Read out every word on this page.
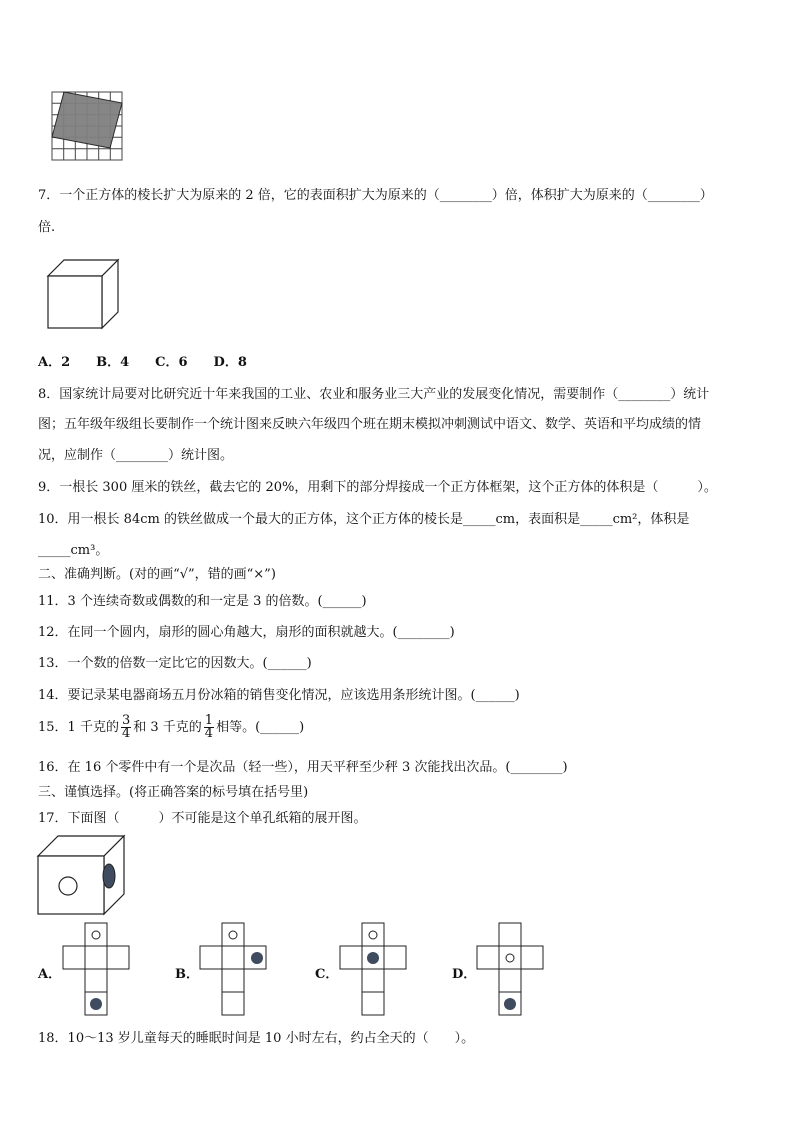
7．一个正方体的棱长扩大为原来的 2 倍，它的表面积扩大为原来的（________）倍，体积扩大为原来的（________）
倍.
A．2　　B．4　　C．6　　D．8
8．国家统计局要对比研究近十年来我国的工业、农业和服务业三大产业的发展变化情况，需要制作（________）统计
图；五年级年级组长要制作一个统计图来反映六年级四个班在期末模拟冲刺测试中语文、数学、英语和平均成绩的情
况，应制作（________）统计图。
9．一根长 300 厘米的铁丝，截去它的 20%，用剩下的部分焊接成一个正方体框架，这个正方体的体积是（　　　）。
10．用一根长 84cm 的铁丝做成一个最大的正方体，这个正方体的棱长是_____cm，表面积是_____cm²，体积是
_____cm³。
二、准确判断。(对的画“√”，错的画“×”)
11．3 个连续奇数或偶数的和一定是 3 的倍数。(______)
12．在同一个圆内，扇形的圆心角越大，扇形的面积就越大。(________)
13．一个数的倍数一定比它的因数大。(______)
14．要记录某电器商场五月份冰箱的销售变化情况，应该选用条形统计图。(______)
15．1 千克的 $\frac{3}{4}$ 和 3 千克的 $\frac{1}{4}$ 相等。(______)
16．在 16 个零件中有一个是次品（轻一些），用天平秤至少秤 3 次能找出次品。(________)
三、谨慎选择。(将正确答案的标号填在括号里)
17．下面图（　　　）不可能是这个单孔纸箱的展开图。
A．	B．	C．	D．
18．10～13 岁儿童每天的睡眠时间是 10 小时左右，约占全天的（　　）。
